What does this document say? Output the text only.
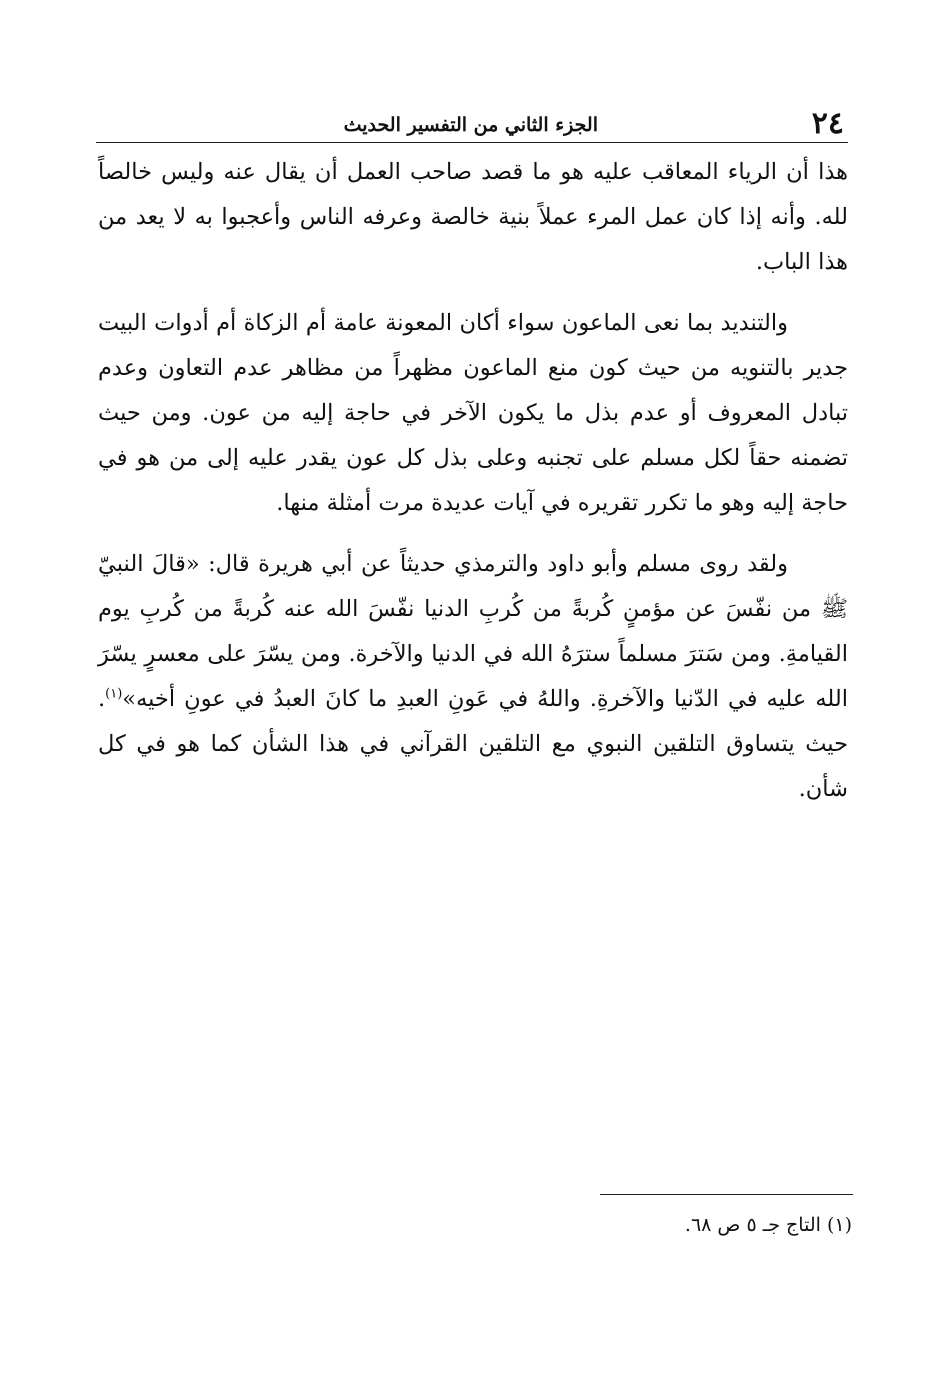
٢٤
الجزء الثاني من التفسير الحديث

هذا أن الرياء المعاقب عليه هو ما قصد صاحب العمل أن يقال عنه وليس خالصاً لله. وأنه إذا كان عمل المرء عملاً بنية خالصة وعرفه الناس وأعجبوا به لا يعد من هذا الباب.

والتنديد بما نعى الماعون سواء أكان المعونة عامة أم الزكاة أم أدوات البيت جدير بالتنويه من حيث كون منع الماعون مظهراً من مظاهر عدم التعاون وعدم تبادل المعروف أو عدم بذل ما يكون الآخر في حاجة إليه من عون. ومن حيث تضمنه حقاً لكل مسلم على تجنبه وعلى بذل كل عون يقدر عليه إلى من هو في حاجة إليه وهو ما تكرر تقريره في آيات عديدة مرت أمثلة منها.

ولقد روى مسلم وأبو داود والترمذي حديثاً عن أبي هريرة قال: «قالَ النبيّ ﷺ من نفّسَ عن مؤمنٍ كُربةً من كُربِ الدنيا نفّسَ الله عنه كُربةً من كُربِ يوم القيامةِ. ومن سَترَ مسلماً سترَهُ الله في الدنيا والآخرة. ومن يسّرَ على معسرٍ يسّرَ الله عليه في الدّنيا والآخرةِ. واللهُ في عَونِ العبدِ ما كانَ العبدُ في عونِ أخيه»$^{(١)}$. حيث يتساوق التلقين النبوي مع التلقين القرآني في هذا الشأن كما هو في كل شأن.

(١) التاج جـ ٥ ص ٦٨.
